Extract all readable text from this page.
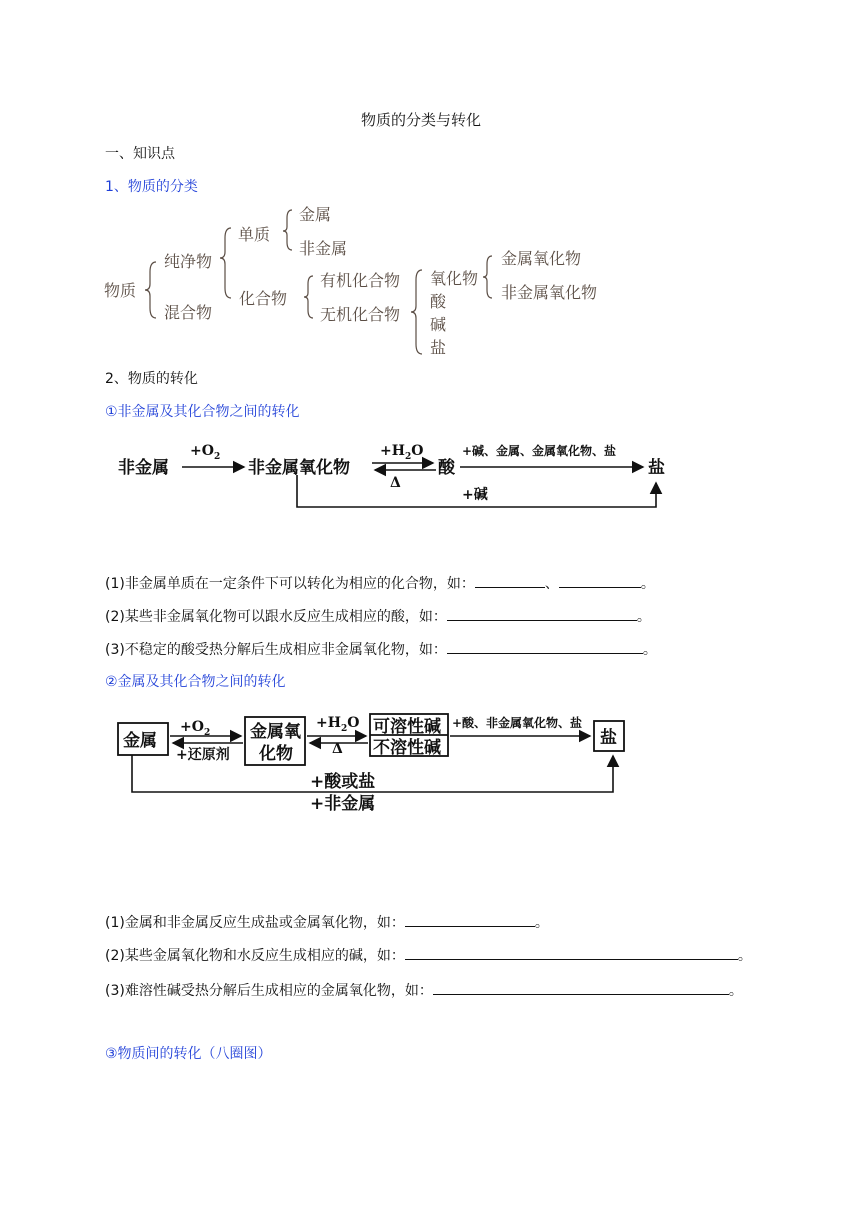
物质的分类与转化
一、知识点
1、物质的分类
物质
纯净物
混合物
单质
金属
非金属
化合物
有机化合物
无机化合物
氧化物
酸
碱
盐
金属氧化物
非金属氧化物
2、物质的转化
①非金属及其化合物之间的转化
非金属
$+O_2$
非金属氧化物
$+H_2O$
Δ
酸
+碱、金属、金属氧化物、盐
盐
+碱
(1)非金属单质在一定条件下可以转化为相应的化合物，如：	、	。
(2)某些非金属氧化物可以跟水反应生成相应的酸，如：	。
(3)不稳定的酸受热分解后生成相应非金属氧化物，如：	。
②金属及其化合物之间的转化
金属	金属氧
化物
可溶性碱
不溶性碱	盐
$+O_2$
+还原剂
$+H_2O$
Δ
+酸、非金属氧化物、盐
+酸或盐
+非金属
(1)金属和非金属反应生成盐或金属氧化物，如：	。
(2)某些金属氧化物和水反应生成相应的碱，如：	。
(3)难溶性碱受热分解后生成相应的金属氧化物，如：	。
③物质间的转化（八圈图）
